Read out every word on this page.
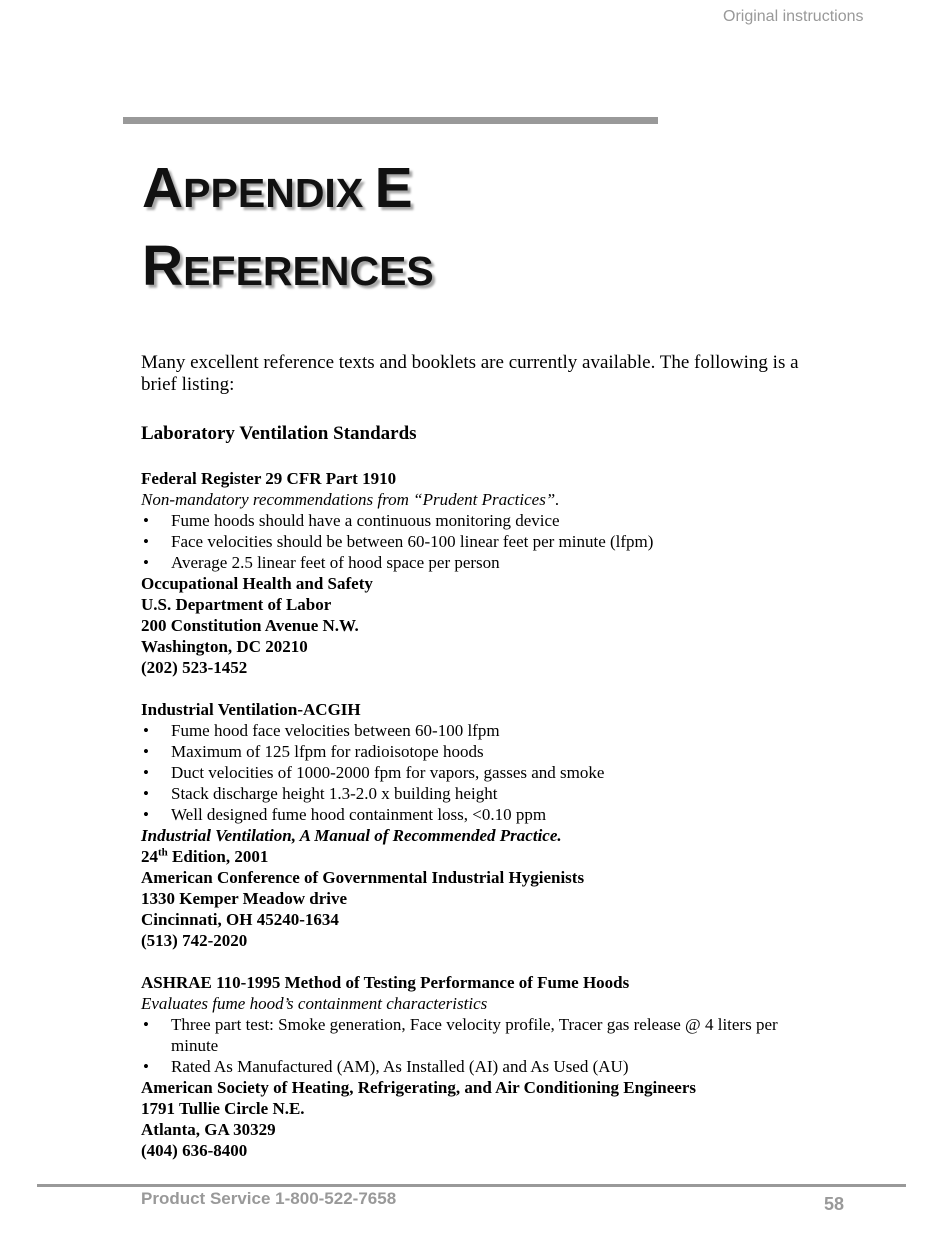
Original instructions
APPENDIX E
REFERENCES

Many excellent reference texts and booklets are currently available. The following is a brief listing:

Laboratory Ventilation Standards

Federal Register 29 CFR Part 1910

Non-mandatory recommendations from “Prudent Practices”.

• Fume hoods should have a continuous monitoring device
• Face velocities should be between 60-100 linear feet per minute (lfpm)
• Average 2.5 linear feet of hood space per person

Occupational Health and Safety

U.S. Department of Labor

200 Constitution Avenue N.W.

Washington, DC 20210

(202) 523-1452

Industrial Ventilation-ACGIH

• Fume hood face velocities between 60-100 lfpm
• Maximum of 125 lfpm for radioisotope hoods
• Duct velocities of 1000-2000 fpm for vapors, gasses and smoke
• Stack discharge height 1.3-2.0 x building height
• Well designed fume hood containment loss, <0.10 ppm

Industrial Ventilation, A Manual of Recommended Practice.

24th Edition, 2001

American Conference of Governmental Industrial Hygienists

1330 Kemper Meadow drive

Cincinnati, OH 45240-1634

(513) 742-2020

ASHRAE 110-1995 Method of Testing Performance of Fume Hoods

Evaluates fume hood’s containment characteristics

• Three part test: Smoke generation, Face velocity profile, Tracer gas release @ 4 liters per minute
• Rated As Manufactured (AM), As Installed (AI) and As Used (AU)

American Society of Heating, Refrigerating, and Air Conditioning Engineers

1791 Tullie Circle N.E.

Atlanta, GA 30329

(404) 636-8400

Product Service 1-800-522-7658	58
